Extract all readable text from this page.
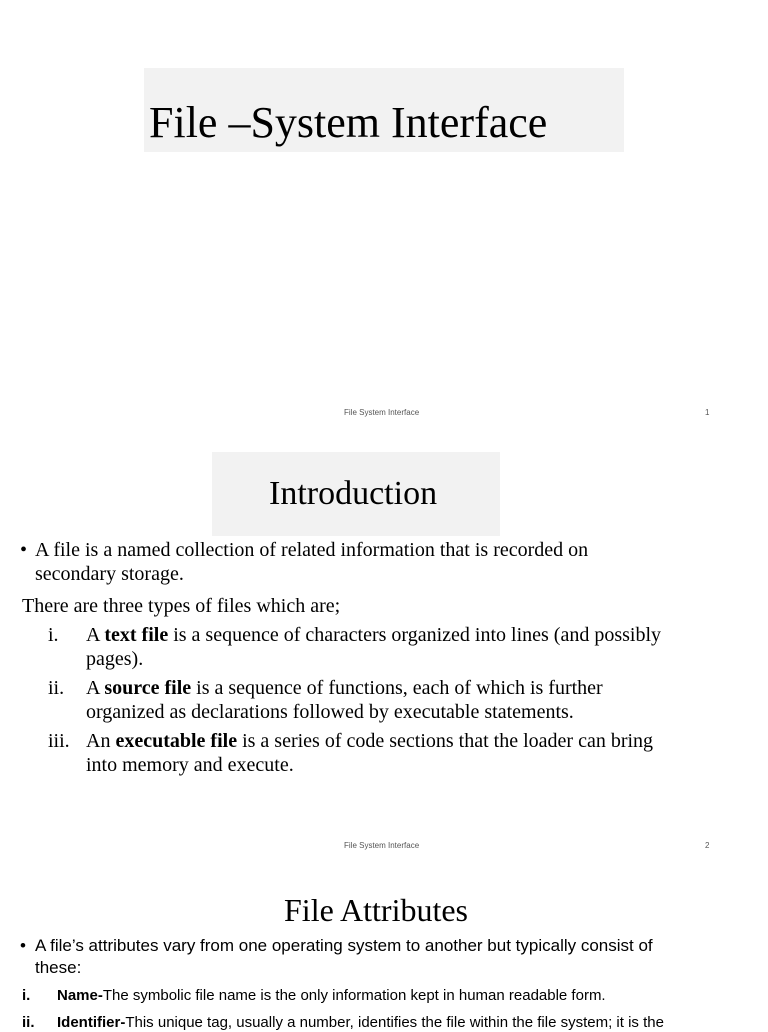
File –System Interface
File System Interface	1
Introduction
• A file is a named collection of related information that is recorded on
secondary storage.
There are three types of files which are;
i. A text file is a sequence of characters organized into lines (and possibly
pages).
ii. A source file is a sequence of functions, each of which is further
organized as declarations followed by executable statements.
iii. An executable file is a series of code sections that the loader can bring
into memory and execute.
File System Interface	2
File Attributes
• A file’s attributes vary from one operating system to another but typically consist of
these:
i. Name-The symbolic file name is the only information kept in human readable form.
ii. Identifier-This unique tag, usually a number, identifies the file within the file system; it is the
